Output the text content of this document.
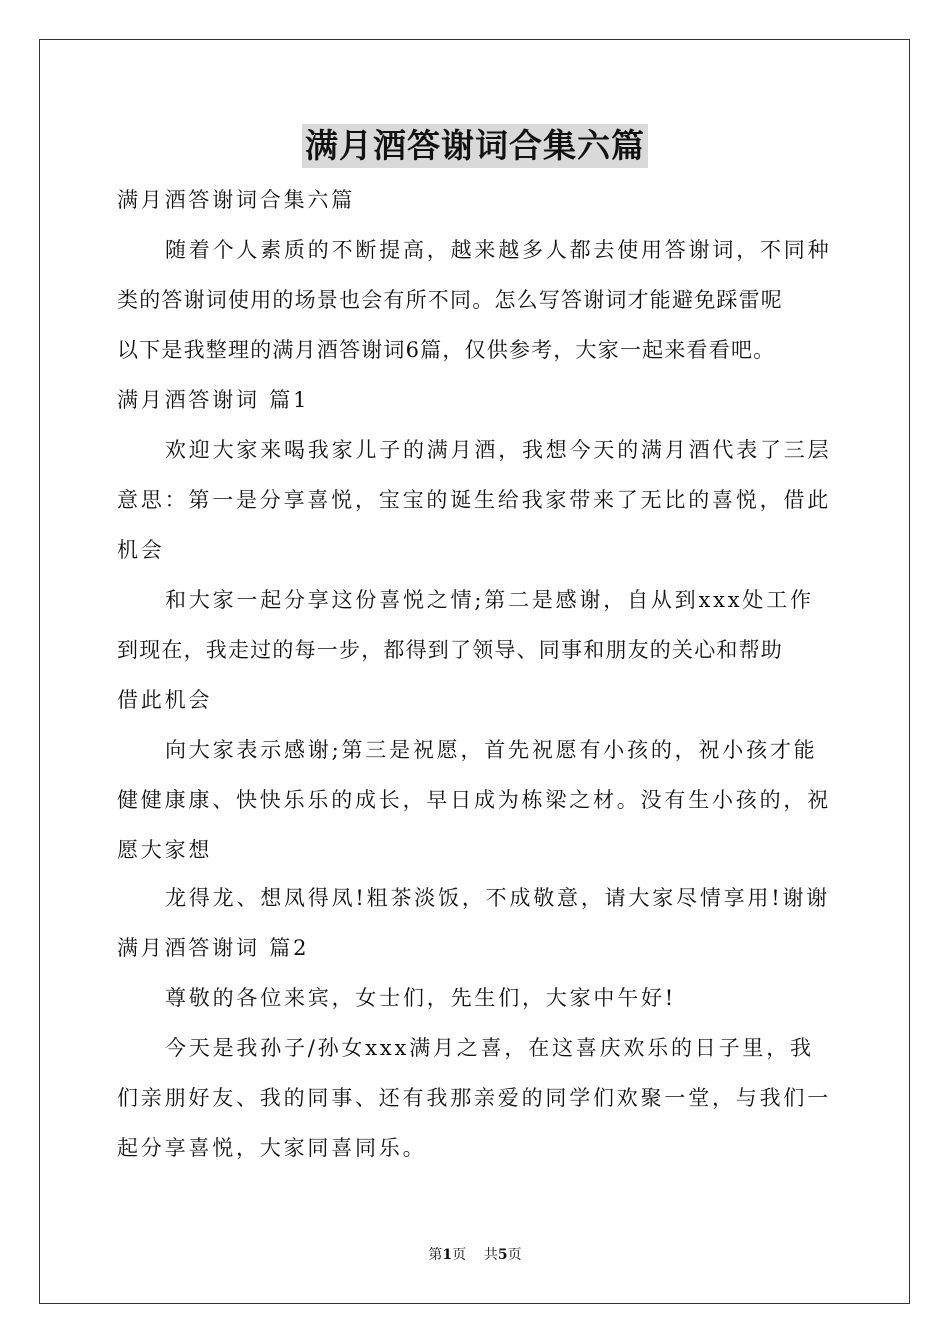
满月酒答谢词合集六篇
满月酒答谢词合集六篇
随着个人素质的不断提高，越来越多人都去使用答谢词，不同种
类的答谢词使用的场景也会有所不同。怎么写答谢词才能避免踩雷呢
以下是我整理的满月酒答谢词6篇，仅供参考，大家一起来看看吧。
满月酒答谢词 篇1
欢迎大家来喝我家儿子的满月酒，我想今天的满月酒代表了三层
意思：第一是分享喜悦，宝宝的诞生给我家带来了无比的喜悦，借此
机会
和大家一起分享这份喜悦之情;第二是感谢，自从到xxx处工作
到现在，我走过的每一步，都得到了领导、同事和朋友的关心和帮助
借此机会
向大家表示感谢;第三是祝愿，首先祝愿有小孩的，祝小孩才能
健健康康、快快乐乐的成长，早日成为栋梁之材。没有生小孩的，祝
愿大家想
龙得龙、想凤得凤!粗茶淡饭，不成敬意，请大家尽情享用!谢谢
满月酒答谢词 篇2
尊敬的各位来宾，女士们，先生们，大家中午好!
今天是我孙子/孙女xxx满月之喜，在这喜庆欢乐的日子里，我
们亲朋好友、我的同事、还有我那亲爱的同学们欢聚一堂，与我们一
起分享喜悦，大家同喜同乐。
第1页 共5页
